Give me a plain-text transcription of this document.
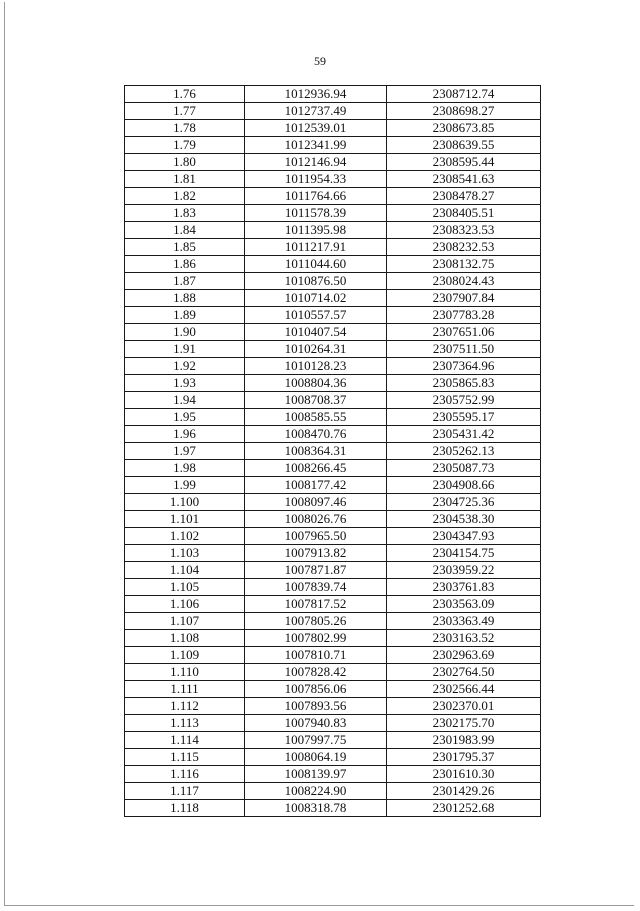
59
1.76	1012936.94	2308712.74
1.77	1012737.49	2308698.27
1.78	1012539.01	2308673.85
1.79	1012341.99	2308639.55
1.80	1012146.94	2308595.44
1.81	1011954.33	2308541.63
1.82	1011764.66	2308478.27
1.83	1011578.39	2308405.51
1.84	1011395.98	2308323.53
1.85	1011217.91	2308232.53
1.86	1011044.60	2308132.75
1.87	1010876.50	2308024.43
1.88	1010714.02	2307907.84
1.89	1010557.57	2307783.28
1.90	1010407.54	2307651.06
1.91	1010264.31	2307511.50
1.92	1010128.23	2307364.96
1.93	1008804.36	2305865.83
1.94	1008708.37	2305752.99
1.95	1008585.55	2305595.17
1.96	1008470.76	2305431.42
1.97	1008364.31	2305262.13
1.98	1008266.45	2305087.73
1.99	1008177.42	2304908.66
1.100	1008097.46	2304725.36
1.101	1008026.76	2304538.30
1.102	1007965.50	2304347.93
1.103	1007913.82	2304154.75
1.104	1007871.87	2303959.22
1.105	1007839.74	2303761.83
1.106	1007817.52	2303563.09
1.107	1007805.26	2303363.49
1.108	1007802.99	2303163.52
1.109	1007810.71	2302963.69
1.110	1007828.42	2302764.50
1.111	1007856.06	2302566.44
1.112	1007893.56	2302370.01
1.113	1007940.83	2302175.70
1.114	1007997.75	2301983.99
1.115	1008064.19	2301795.37
1.116	1008139.97	2301610.30
1.117	1008224.90	2301429.26
1.118	1008318.78	2301252.68
